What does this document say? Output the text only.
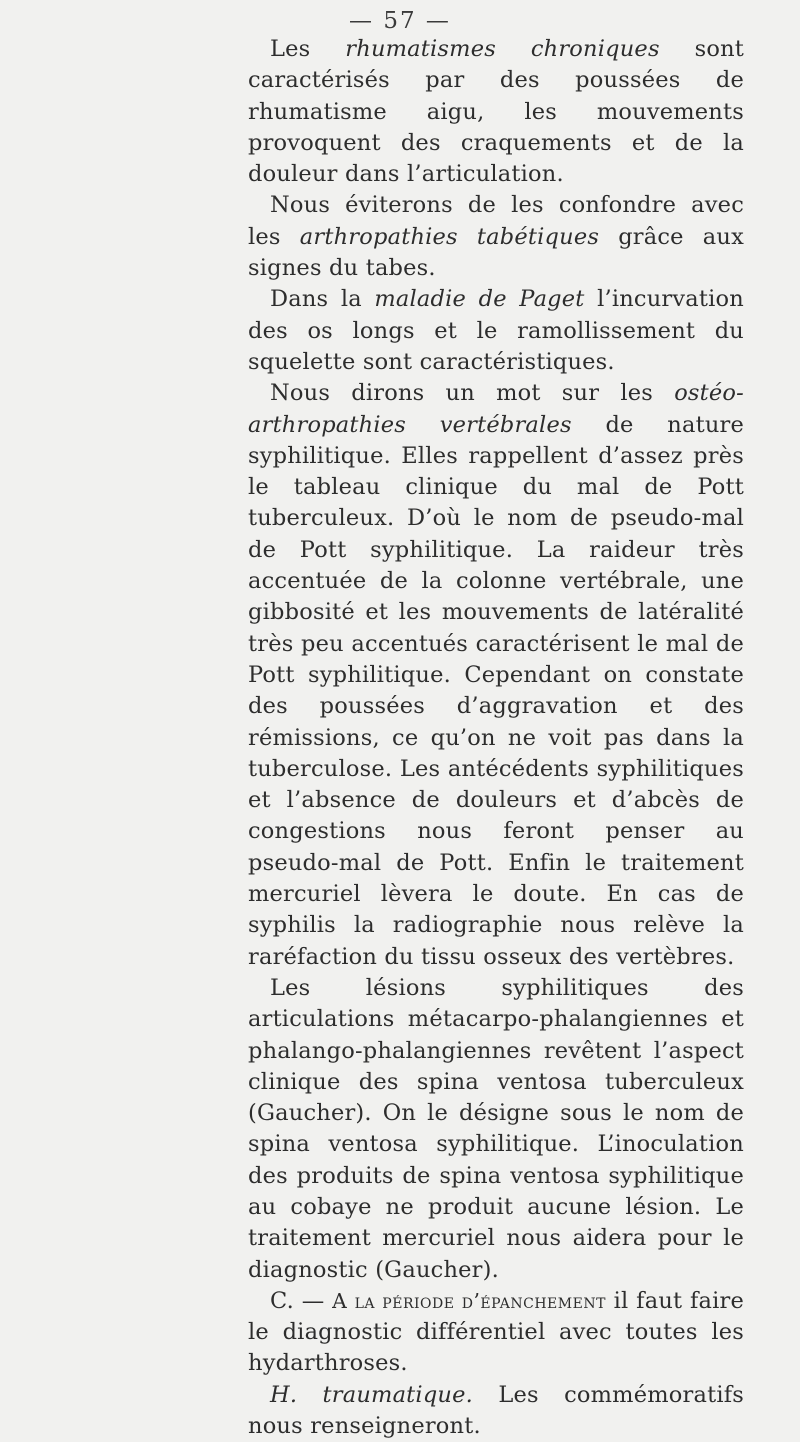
— 57 —

Les rhumatismes chroniques sont caractérisés par des poussées de rhumatisme aigu, les mouvements provoquent des craquements et de la douleur dans l’articulation.

Nous éviterons de les confondre avec les arthropathies tabétiques grâce aux signes du tabes.

Dans la maladie de Paget l’incurvation des os longs et le ramollissement du squelette sont caractéristiques.

Nous dirons un mot sur les ostéo-arthropathies vertébrales de nature syphilitique. Elles rappellent d’assez près le tableau clinique du mal de Pott tuberculeux. D’où le nom de pseudo-mal de Pott syphilitique. La raideur très accentuée de la colonne vertébrale, une gibbosité et les mouvements de latéralité très peu accentués caractérisent le mal de Pott syphilitique. Cependant on constate des poussées d’aggravation et des rémissions, ce qu’on ne voit pas dans la tuberculose. Les antécédents syphilitiques et l’absence de douleurs et d’abcès de congestions nous feront penser au pseudo-mal de Pott. Enfin le traitement mercuriel lèvera le doute. En cas de syphilis la radiographie nous relève la raréfaction du tissu osseux des vertèbres.

Les lésions syphilitiques des articulations métacarpo-phalangiennes et phalango-phalangiennes revêtent l’aspect clinique des spina ventosa tuberculeux (Gaucher). On le désigne sous le nom de spina ventosa syphilitique. L’inoculation des produits de spina ventosa syphilitique au cobaye ne produit aucune lésion. Le traitement mercuriel nous aidera pour le diagnostic (Gaucher).

C. — A la période d’épanchement il faut faire le diagnostic différentiel avec toutes les hydarthroses.

H. traumatique. Les commémoratifs nous renseigneront.
